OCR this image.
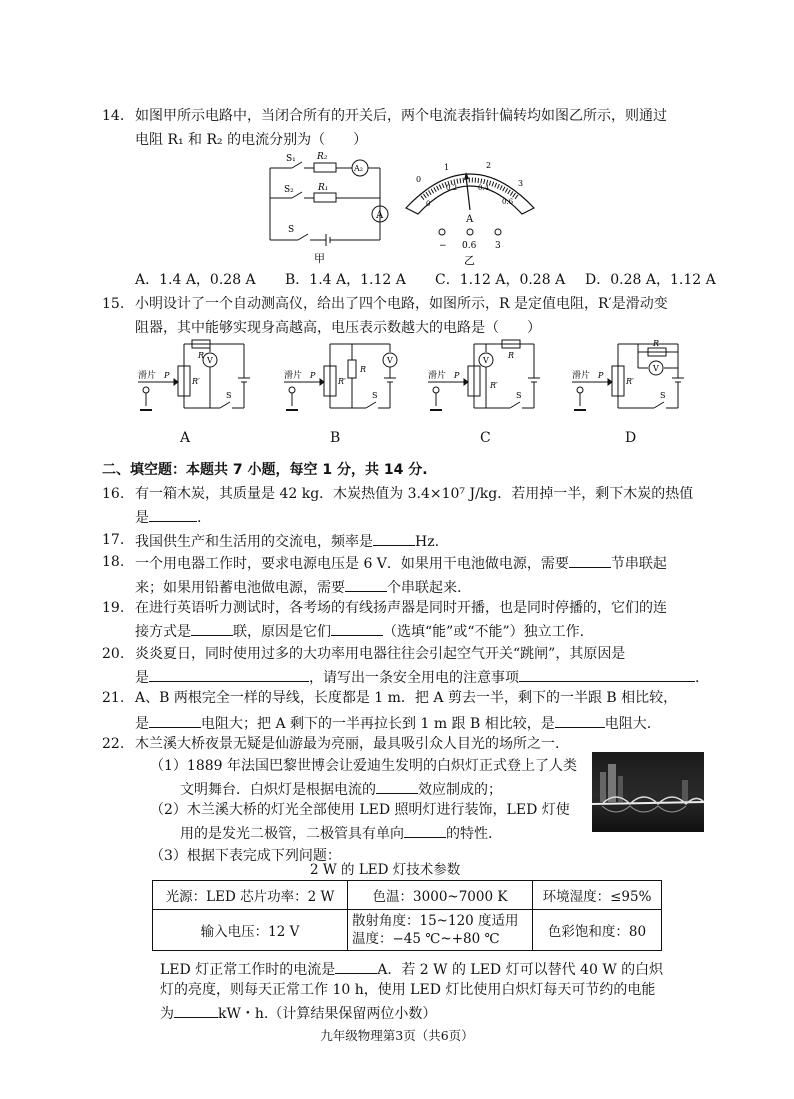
14. 如图甲所示电路中，当闭合所有的开关后，两个电流表指针偏转均如图乙所示，则通过
电阻 R₁ 和 R₂ 的电流分别为（　　）
S₁ R₂
A₂
S₂	R₁
A
S
甲
0
1	2
3
0
0.2	0.4
0.6
A
− 0.6 3
乙
A．1.4 A，0.28 A B．1.4 A，1.12 A C．1.12 A，0.28 A D．0.28 A，1.12 A
15. 小明设计了一个自动测高仪，给出了四个电路，如图所示，R 是定值电阻，R′是滑动变
阻器，其中能够实现身高越高，电压表示数越大的电路是（　　）
滑片 P
R
R′
V
S
滑片 P
R
R′
V
S
滑片 P
R
R′
V
S
滑片 P
R
R′
V
S
A	B	C	D
二、填空题：本题共 7 小题，每空 1 分，共 14 分.
16. 有一箱木炭，其质量是 42 kg．木炭热值为 3.4×10⁷ J/kg．若用掉一半，剩下木炭的热值
是	.
17. 我国供生产和生活用的交流电，频率是	Hz.
18. 一个用电器工作时，要求电源电压是 6 V．如果用干电池做电源，需要	节串联起
来；如果用铅蓄电池做电源，需要	个串联起来.
19. 在进行英语听力测试时，各考场的有线扬声器是同时开播，也是同时停播的，它们的连
接方式是	联，原因是它们	（选填“能”或“不能”）独立工作.
20. 炎炎夏日，同时使用过多的大功率用电器往往会引起空气开关“跳闸”，其原因是
是	，请写出一条安全用电的注意事项	.
21. A、B 两根完全一样的导线，长度都是 1 m．把 A 剪去一半，剩下的一半跟 B 相比较，
是	电阻大；把 A 剩下的一半再拉长到 1 m 跟 B 相比较，是	电阻大.
22. 木兰溪大桥夜景无疑是仙游最为亮丽，最具吸引众人目光的场所之一.
（1）1889 年法国巴黎世博会让爱迪生发明的白炽灯正式登上了人类
文明舞台．白炽灯是根据电流的	效应制成的；
（2）木兰溪大桥的灯光全部使用 LED 照明灯进行装饰，LED 灯使
用的是发光二极管，二极管具有单向	的特性.
（3）根据下表完成下列问题：
2 W 的 LED 灯技术参数
光源：LED 芯片功率：2 W	色温：3000~7000 K	环境湿度：≤95%
输入电压：12 V	散射角度：15~120 度适用
温度：−45 ℃~+80 ℃	色彩饱和度：80
LED 灯正常工作时的电流是	A．若 2 W 的 LED 灯可以替代 40 W 的白炽
灯的亮度，则每天正常工作 10 h，使用 LED 灯比使用白炽灯每天可节约的电能
为	kW・h.（计算结果保留两位小数）
九年级物理第3页（共6页）
